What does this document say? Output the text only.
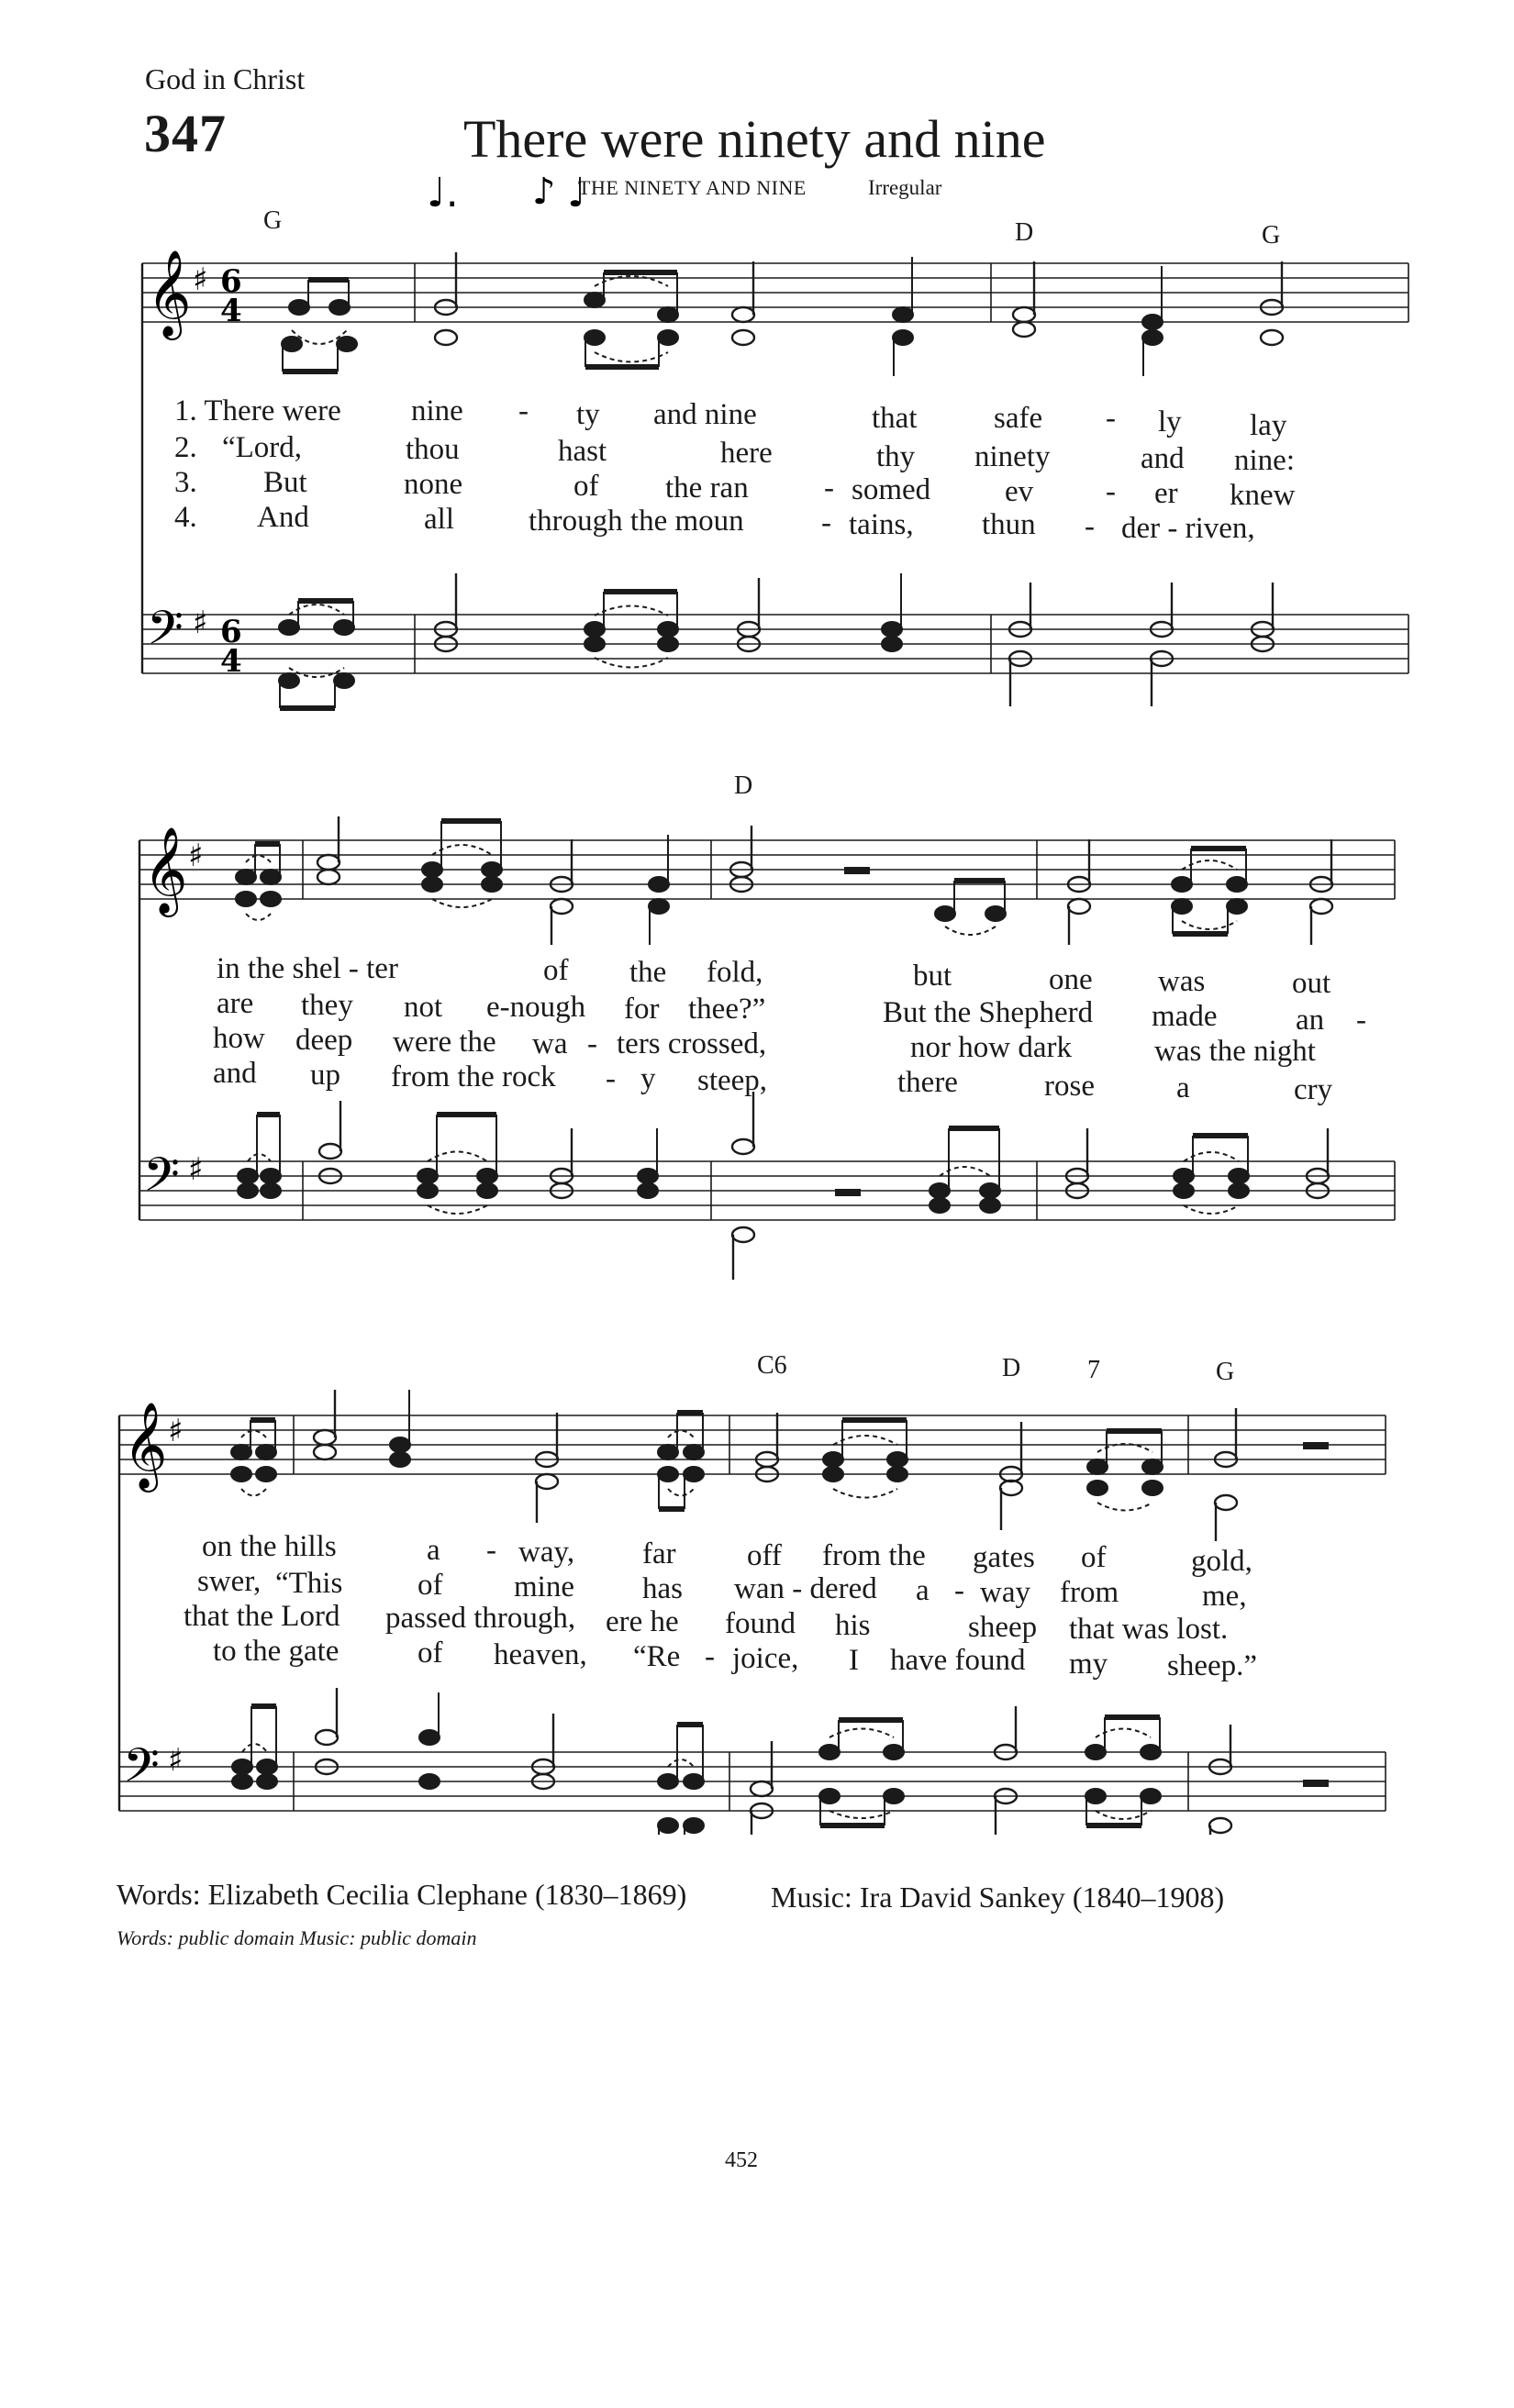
God in Christ
347	There were ninety and nine
THE NINETY AND NINE	Irregular
𝄞 ♯ 6
4
𝄢 ♯ 6
4
♩. ♪ ♩
G	D	G
1. There were nine - ty and nine	that	safe - ly lay
2. “Lord,	thou	hast	here	thy ninety	and nine:
3. But	none	of the ran - somed ev - er knew
4. And	all through the moun	- tains, thun - der - riven,
𝄞 ♯
𝄢 ♯
D
in the shel - ter	of the fold,	but	one was	out
are they not e-nough for thee?”	But the Shepherd made	an -
how deep were the wa - ters crossed,	nor how dark	was the night
and up from the rock - y steep,	there	rose	a	cry
𝄞 ♯
𝄢 ♯
C6	D	7	G
on the hills	a - way, far off from the gates of	gold,
swer, “This of mine has wan - dered a - way from	me,
that the Lord passed through, ere he found his	sheep that was lost.
to the gate	of heaven, “Re - joice, I have found my sheep.”
Words: Elizabeth Cecilia Clephane (1830–1869)	Music: Ira David Sankey (1840–1908)
Words: public domain Music: public domain
452
